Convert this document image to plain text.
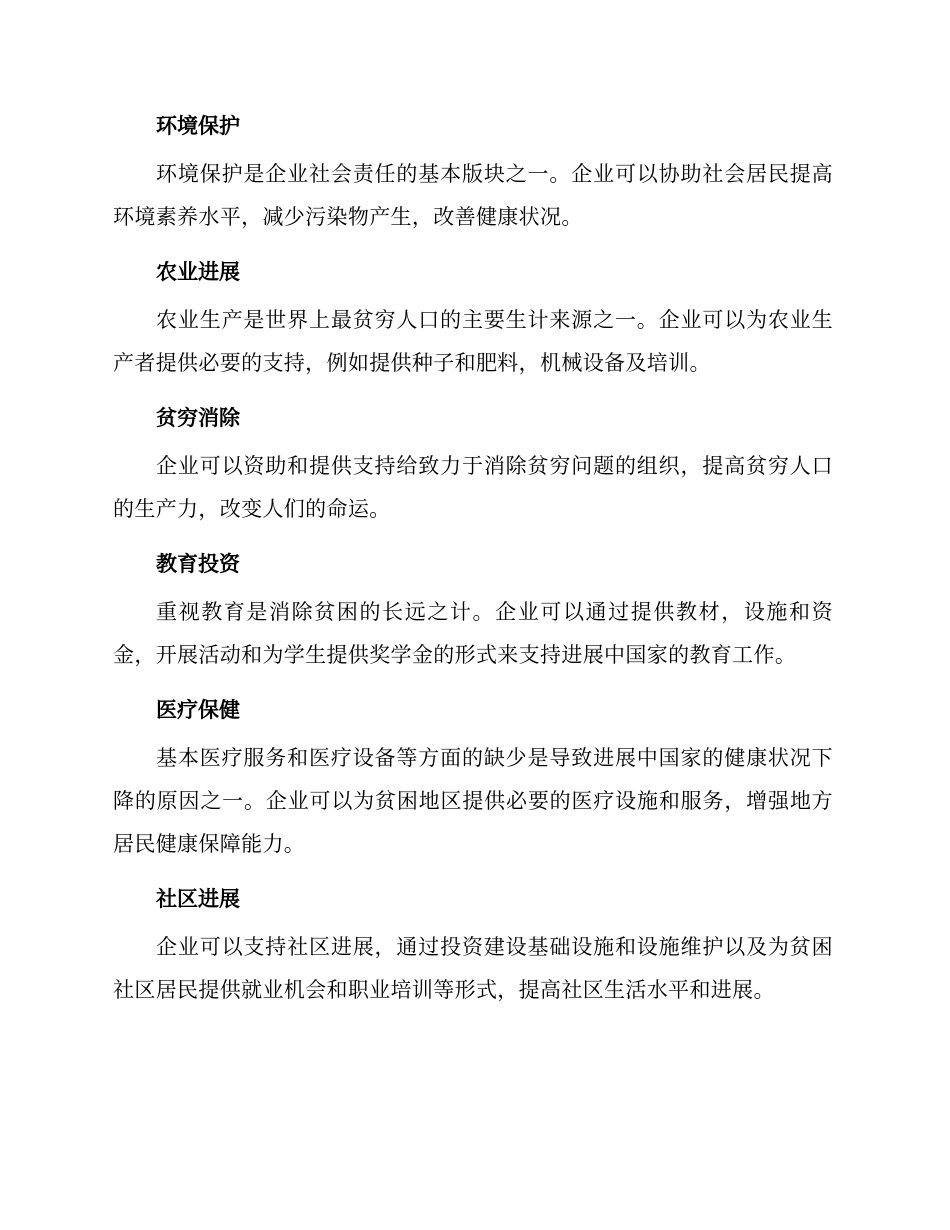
环境保护

环境保护是企业社会责任的基本版块之一。企业可以协助社会居民提高环境素养水平，减少污染物产生，改善健康状况。

农业进展

农业生产是世界上最贫穷人口的主要生计来源之一。企业可以为农业生产者提供必要的支持，例如提供种子和肥料，机械设备及培训。

贫穷消除

企业可以资助和提供支持给致力于消除贫穷问题的组织，提高贫穷人口的生产力，改变人们的命运。

教育投资

重视教育是消除贫困的长远之计。企业可以通过提供教材，设施和资金，开展活动和为学生提供奖学金的形式来支持进展中国家的教育工作。

医疗保健

基本医疗服务和医疗设备等方面的缺少是导致进展中国家的健康状况下降的原因之一。企业可以为贫困地区提供必要的医疗设施和服务，增强地方居民健康保障能力。

社区进展

企业可以支持社区进展，通过投资建设基础设施和设施维护以及为贫困社区居民提供就业机会和职业培训等形式，提高社区生活水平和进展。
